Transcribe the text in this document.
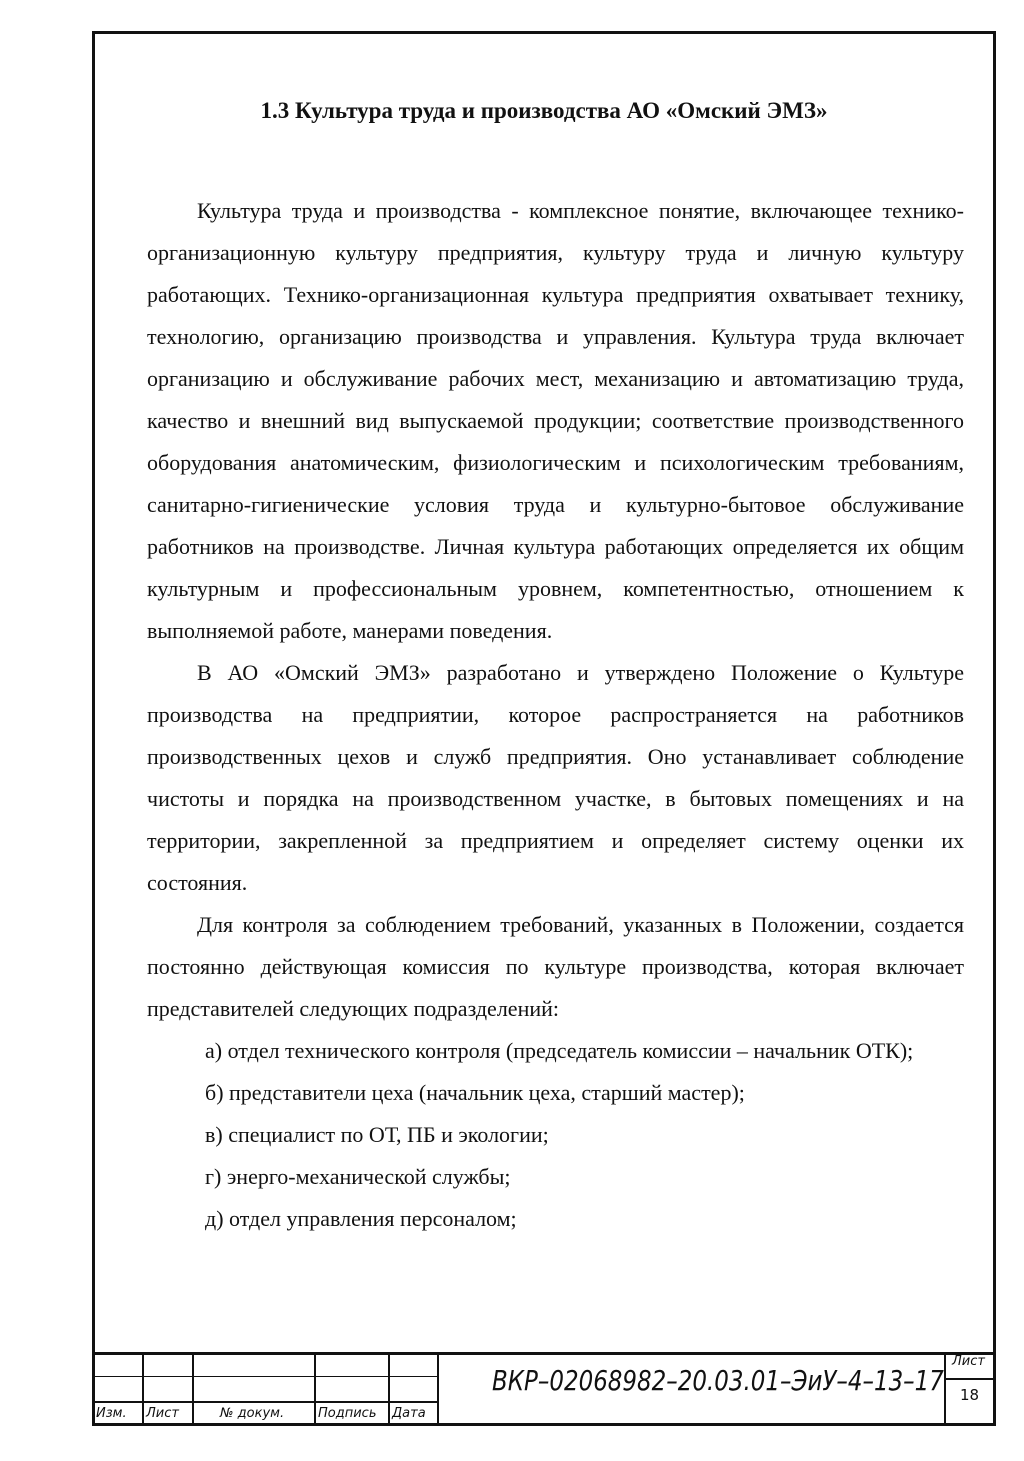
1.3 Культура труда и производства АО «Омский ЭМЗ»

Культура труда и производства - комплексное понятие, включающее технико-организационную культуру предприятия, культуру труда и личную культуру работающих. Технико-организационная культура предприятия охватывает технику, технологию, организацию производства и управления. Культура труда включает организацию и обслуживание рабочих мест, механизацию и автоматизацию труда, качество и внешний вид выпускаемой продукции; соответствие производственного оборудования анатомическим, физиологическим и психологическим требованиям, санитарно-гигиенические условия труда и культурно-бытовое обслуживание работников на производстве. Личная культура работающих определяется их общим культурным и профессиональным уровнем, компетентностью, отношением к выполняемой работе, манерами поведения.

В АО «Омский ЭМЗ» разработано и утверждено Положение о Культуре производства на предприятии, которое распространяется на работников производственных цехов и служб предприятия. Оно устанавливает соблюдение чистоты и порядка на производственном участке, в бытовых помещениях и на территории, закрепленной за предприятием и определяет систему оценки их состояния.

Для контроля за соблюдением требований, указанных в Положении, создается постоянно действующая комиссия по культуре производства, которая включает представителей следующих подразделений:

а) отдел технического контроля (председатель комиссии – начальник ОТК);
б) представители цеха (начальник цеха, старший мастер);
в) специалист по ОТ, ПБ и экологии;
г) энерго-механической службы;
д) отдел управления персоналом;
Изм. Лист	№ докум.	Подпись Дата
ВКР–02068982–20.03.01–ЭиУ–4–13–17
Лист
18
